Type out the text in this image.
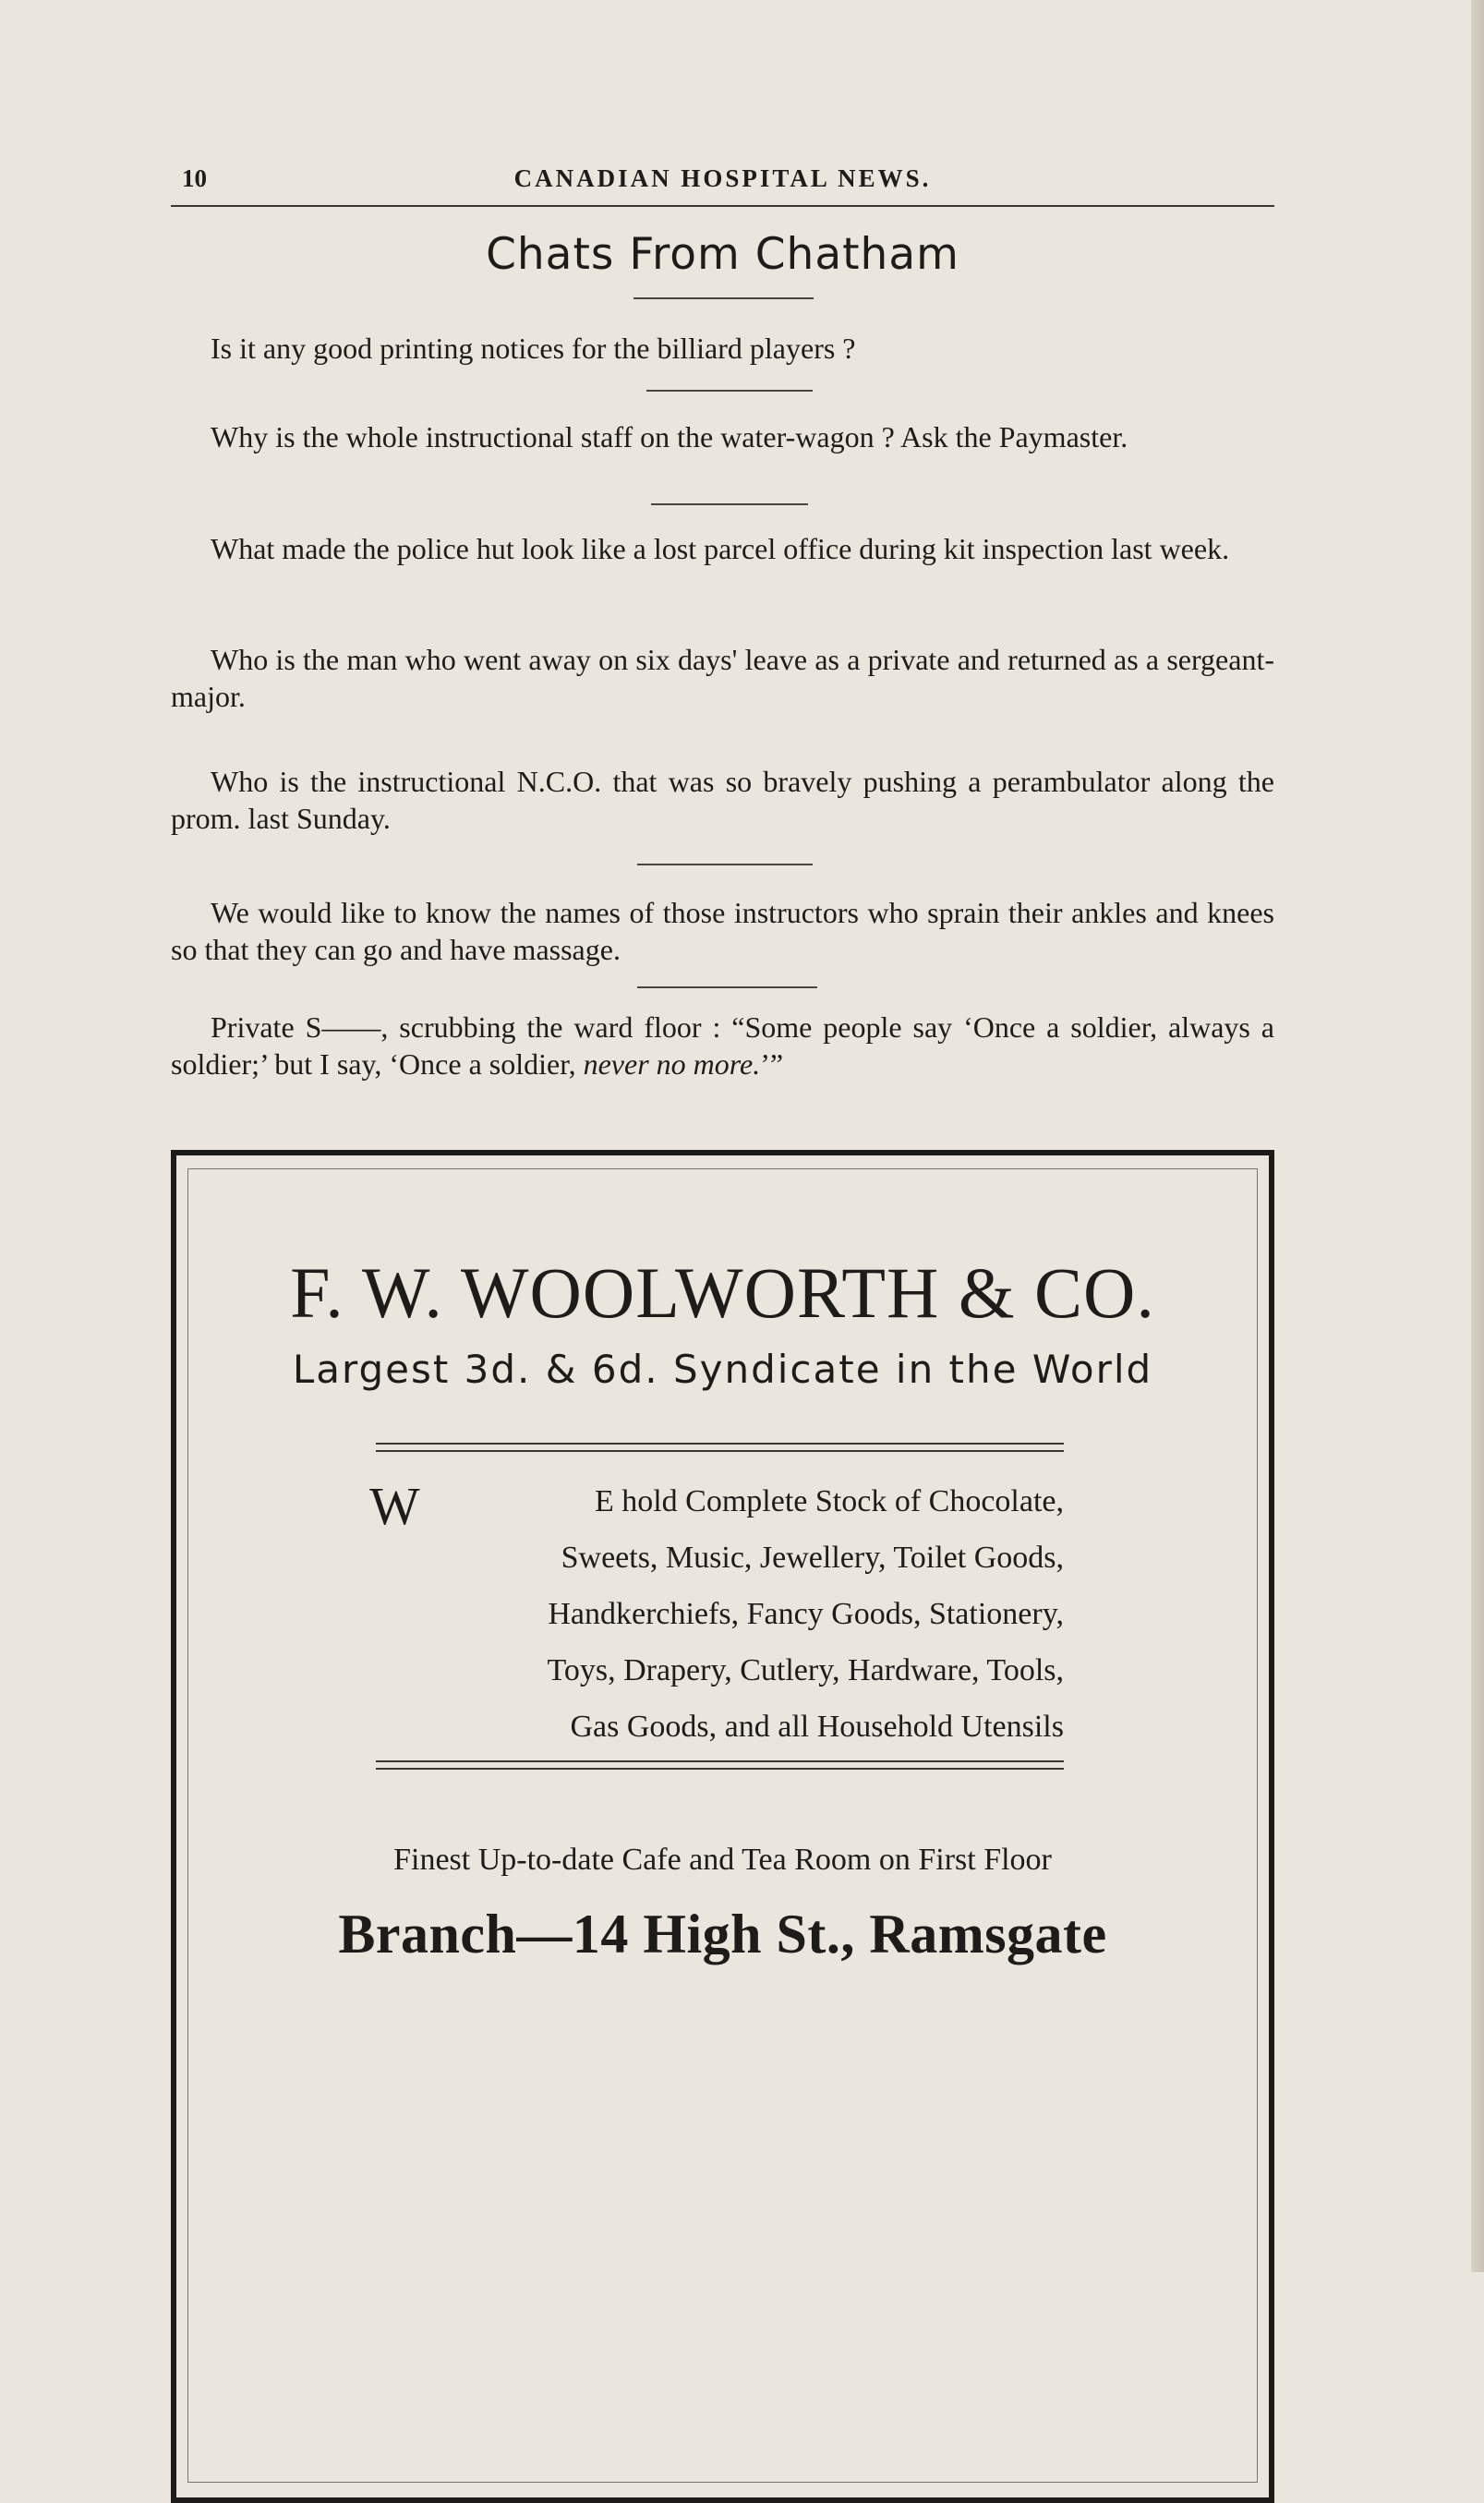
10	CANADIAN HOSPITAL NEWS.
Chats From Chatham

Is it any good printing notices for the billiard players ?

Why is the whole instructional staff on the water-wagon ? Ask the Paymaster.

What made the police hut look like a lost parcel office during kit inspection last week.

Who is the man who went away on six days' leave as a private and returned as a sergeant-major.

Who is the instructional N.C.O. that was so bravely pushing a perambulator along the prom. last Sunday.

We would like to know the names of those instructors who sprain their ankles and knees so that they can go and have massage.

Private S——, scrubbing the ward floor : “Some people say ‘Once a soldier, always a soldier;’ but I say, ‘Once a soldier, never no more.’”

F. W. WOOLWORTH & CO.
Largest 3d. & 6d. Syndicate in the World
W	E hold Complete Stock of Chocolate,
Sweets, Music, Jewellery, Toilet Goods,
Handkerchiefs, Fancy Goods, Stationery,
Toys, Drapery, Cutlery, Hardware, Tools,
Gas Goods, and all Household Utensils
Finest Up-to-date Cafe and Tea Room on First Floor
Branch—14 High St., Ramsgate
